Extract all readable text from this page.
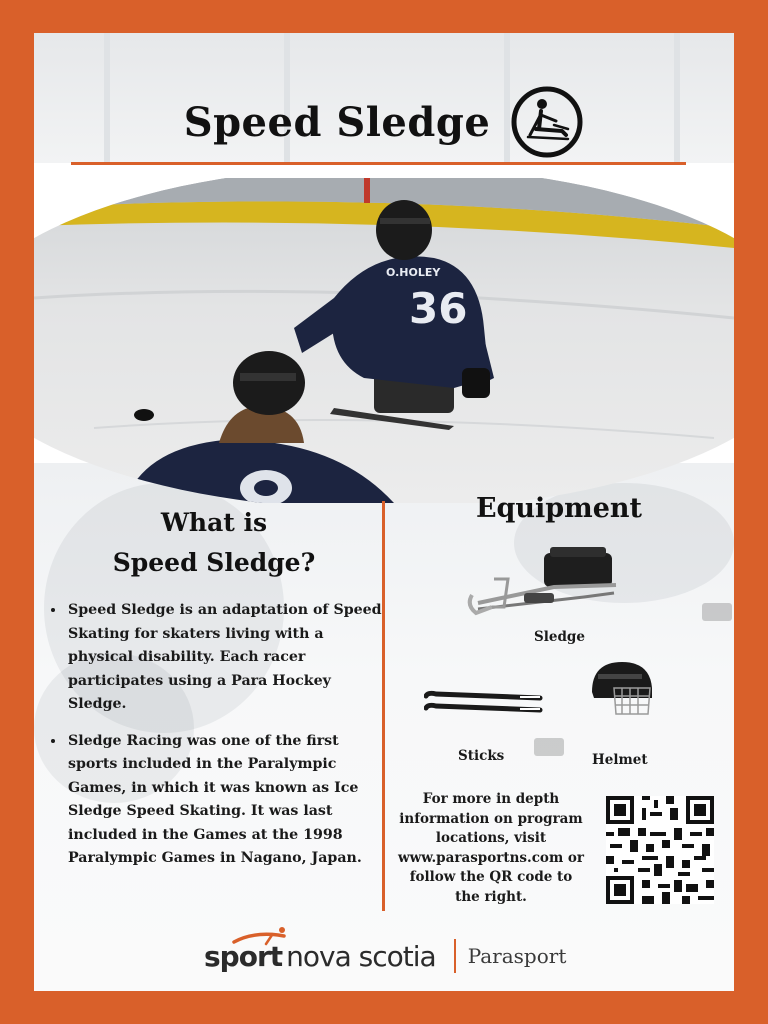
Speed Sledge
36
O.HOLEY
What is
Speed Sledge?
• Speed Sledge is an adaptation of Speed Skating for skaters living with a physical disability. Each racer participates using a Para Hockey Sledge.
• Sledge Racing was one of the first sports included in the Paralympic Games, in which it was known as Ice Sledge Speed Skating. It was last included in the Games at the 1998 Paralympic Games in Nagano, Japan.
Equipment
Sledge
Sticks	Helmet
For more in depth information on program locations, visit www.parasportns.com or follow the QR code to the right.
sport nova scotia Parasport
